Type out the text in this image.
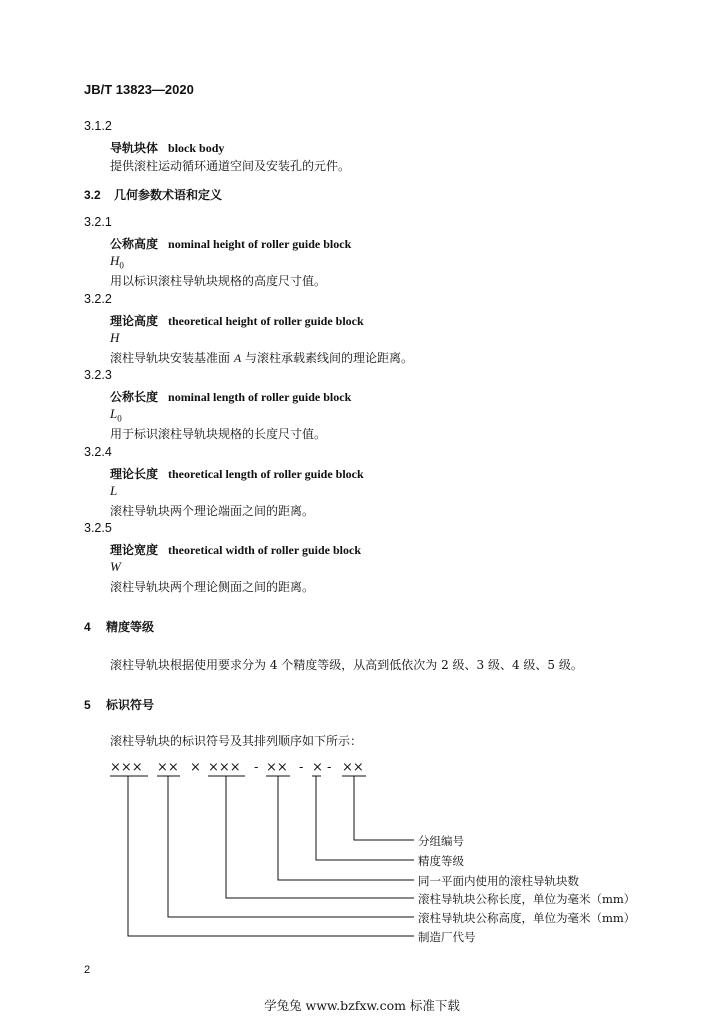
JB/T 13823—2020
3.1.2
导轨块体 block body
提供滚柱运动循环通道空间及安装孔的元件。
3.2 几何参数术语和定义
3.2.1
公称高度 nominal height of roller guide block
$H_0$
用以标识滚柱导轨块规格的高度尺寸值。
3.2.2
理论高度 theoretical height of roller guide block
H
滚柱导轨块安装基准面 A 与滚柱承载素线间的理论距离。
3.2.3
公称长度 nominal length of roller guide block
$L_0$
用于标识滚柱导轨块规格的长度尺寸值。
3.2.4
理论长度 theoretical length of roller guide block
L
滚柱导轨块两个理论端面之间的距离。
3.2.5
理论宽度 theoretical width of roller guide block
W
滚柱导轨块两个理论侧面之间的距离。
4 精度等级
滚柱导轨块根据使用要求分为 4 个精度等级，从高到低依次为 2 级、3 级、4 级、5 级。
5 标识符号
滚柱导轨块的标识符号及其排列顺序如下所示：
××× ×× × ××× - ×× - × - ××
分组编号
精度等级
同一平面内使用的滚柱导轨块数
滚柱导轨块公称长度，单位为毫米（mm）
滚柱导轨块公称高度，单位为毫米（mm）
制造厂代号
2
学兔兔 www.bzfxw.com 标准下载
